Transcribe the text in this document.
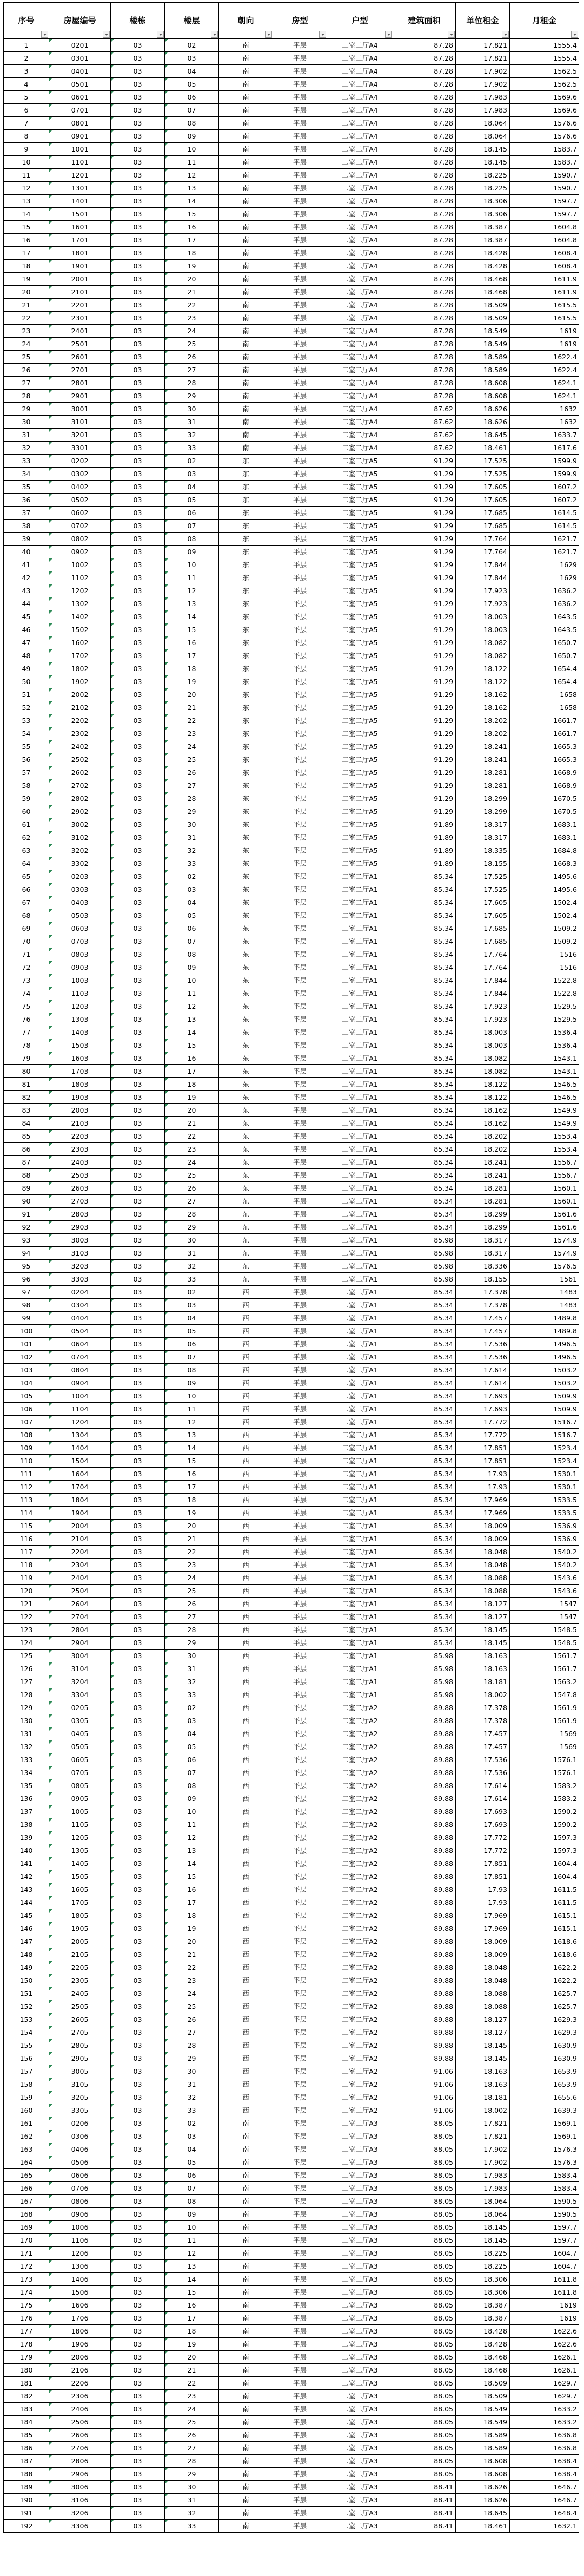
序号	房屋编号	楼栋	楼层	朝向	房型	户型	建筑面积	单位租金	月租金

1	0201	03	02	南	平层	二室二厅A4	87.28	17.821	1555.4
2	0301	03	03	南	平层	二室二厅A4	87.28	17.821	1555.4
3	0401	03	04	南	平层	二室二厅A4	87.28	17.902	1562.5
4	0501	03	05	南	平层	二室二厅A4	87.28	17.902	1562.5
5	0601	03	06	南	平层	二室二厅A4	87.28	17.983	1569.6
6	0701	03	07	南	平层	二室二厅A4	87.28	17.983	1569.6
7	0801	03	08	南	平层	二室二厅A4	87.28	18.064	1576.6
8	0901	03	09	南	平层	二室二厅A4	87.28	18.064	1576.6
9	1001	03	10	南	平层	二室二厅A4	87.28	18.145	1583.7
10	1101	03	11	南	平层	二室二厅A4	87.28	18.145	1583.7
11	1201	03	12	南	平层	二室二厅A4	87.28	18.225	1590.7
12	1301	03	13	南	平层	二室二厅A4	87.28	18.225	1590.7
13	1401	03	14	南	平层	二室二厅A4	87.28	18.306	1597.7
14	1501	03	15	南	平层	二室二厅A4	87.28	18.306	1597.7
15	1601	03	16	南	平层	二室二厅A4	87.28	18.387	1604.8
16	1701	03	17	南	平层	二室二厅A4	87.28	18.387	1604.8
17	1801	03	18	南	平层	二室二厅A4	87.28	18.428	1608.4
18	1901	03	19	南	平层	二室二厅A4	87.28	18.428	1608.4
19	2001	03	20	南	平层	二室二厅A4	87.28	18.468	1611.9
20	2101	03	21	南	平层	二室二厅A4	87.28	18.468	1611.9
21	2201	03	22	南	平层	二室二厅A4	87.28	18.509	1615.5
22	2301	03	23	南	平层	二室二厅A4	87.28	18.509	1615.5
23	2401	03	24	南	平层	二室二厅A4	87.28	18.549	1619
24	2501	03	25	南	平层	二室二厅A4	87.28	18.549	1619
25	2601	03	26	南	平层	二室二厅A4	87.28	18.589	1622.4
26	2701	03	27	南	平层	二室二厅A4	87.28	18.589	1622.4
27	2801	03	28	南	平层	二室二厅A4	87.28	18.608	1624.1
28	2901	03	29	南	平层	二室二厅A4	87.28	18.608	1624.1
29	3001	03	30	南	平层	二室二厅A4	87.62	18.626	1632
30	3101	03	31	南	平层	二室二厅A4	87.62	18.626	1632
31	3201	03	32	南	平层	二室二厅A4	87.62	18.645	1633.7
32	3301	03	33	南	平层	二室二厅A4	87.62	18.461	1617.6
33	0202	03	02	东	平层	二室二厅A5	91.29	17.525	1599.9
34	0302	03	03	东	平层	二室二厅A5	91.29	17.525	1599.9
35	0402	03	04	东	平层	二室二厅A5	91.29	17.605	1607.2
36	0502	03	05	东	平层	二室二厅A5	91.29	17.605	1607.2
37	0602	03	06	东	平层	二室二厅A5	91.29	17.685	1614.5
38	0702	03	07	东	平层	二室二厅A5	91.29	17.685	1614.5
39	0802	03	08	东	平层	二室二厅A5	91.29	17.764	1621.7
40	0902	03	09	东	平层	二室二厅A5	91.29	17.764	1621.7
41	1002	03	10	东	平层	二室二厅A5	91.29	17.844	1629
42	1102	03	11	东	平层	二室二厅A5	91.29	17.844	1629
43	1202	03	12	东	平层	二室二厅A5	91.29	17.923	1636.2
44	1302	03	13	东	平层	二室二厅A5	91.29	17.923	1636.2
45	1402	03	14	东	平层	二室二厅A5	91.29	18.003	1643.5
46	1502	03	15	东	平层	二室二厅A5	91.29	18.003	1643.5
47	1602	03	16	东	平层	二室二厅A5	91.29	18.082	1650.7
48	1702	03	17	东	平层	二室二厅A5	91.29	18.082	1650.7
49	1802	03	18	东	平层	二室二厅A5	91.29	18.122	1654.4
50	1902	03	19	东	平层	二室二厅A5	91.29	18.122	1654.4
51	2002	03	20	东	平层	二室二厅A5	91.29	18.162	1658
52	2102	03	21	东	平层	二室二厅A5	91.29	18.162	1658
53	2202	03	22	东	平层	二室二厅A5	91.29	18.202	1661.7
54	2302	03	23	东	平层	二室二厅A5	91.29	18.202	1661.7
55	2402	03	24	东	平层	二室二厅A5	91.29	18.241	1665.3
56	2502	03	25	东	平层	二室二厅A5	91.29	18.241	1665.3
57	2602	03	26	东	平层	二室二厅A5	91.29	18.281	1668.9
58	2702	03	27	东	平层	二室二厅A5	91.29	18.281	1668.9
59	2802	03	28	东	平层	二室二厅A5	91.29	18.299	1670.5
60	2902	03	29	东	平层	二室二厅A5	91.29	18.299	1670.5
61	3002	03	30	东	平层	二室二厅A5	91.89	18.317	1683.1
62	3102	03	31	东	平层	二室二厅A5	91.89	18.317	1683.1
63	3202	03	32	东	平层	二室二厅A5	91.89	18.335	1684.8
64	3302	03	33	东	平层	二室二厅A5	91.89	18.155	1668.3
65	0203	03	02	东	平层	二室二厅A1	85.34	17.525	1495.6
66	0303	03	03	东	平层	二室二厅A1	85.34	17.525	1495.6
67	0403	03	04	东	平层	二室二厅A1	85.34	17.605	1502.4
68	0503	03	05	东	平层	二室二厅A1	85.34	17.605	1502.4
69	0603	03	06	东	平层	二室二厅A1	85.34	17.685	1509.2
70	0703	03	07	东	平层	二室二厅A1	85.34	17.685	1509.2
71	0803	03	08	东	平层	二室二厅A1	85.34	17.764	1516
72	0903	03	09	东	平层	二室二厅A1	85.34	17.764	1516
73	1003	03	10	东	平层	二室二厅A1	85.34	17.844	1522.8
74	1103	03	11	东	平层	二室二厅A1	85.34	17.844	1522.8
75	1203	03	12	东	平层	二室二厅A1	85.34	17.923	1529.5
76	1303	03	13	东	平层	二室二厅A1	85.34	17.923	1529.5
77	1403	03	14	东	平层	二室二厅A1	85.34	18.003	1536.4
78	1503	03	15	东	平层	二室二厅A1	85.34	18.003	1536.4
79	1603	03	16	东	平层	二室二厅A1	85.34	18.082	1543.1
80	1703	03	17	东	平层	二室二厅A1	85.34	18.082	1543.1
81	1803	03	18	东	平层	二室二厅A1	85.34	18.122	1546.5
82	1903	03	19	东	平层	二室二厅A1	85.34	18.122	1546.5
83	2003	03	20	东	平层	二室二厅A1	85.34	18.162	1549.9
84	2103	03	21	东	平层	二室二厅A1	85.34	18.162	1549.9
85	2203	03	22	东	平层	二室二厅A1	85.34	18.202	1553.4
86	2303	03	23	东	平层	二室二厅A1	85.34	18.202	1553.4
87	2403	03	24	东	平层	二室二厅A1	85.34	18.241	1556.7
88	2503	03	25	东	平层	二室二厅A1	85.34	18.241	1556.7
89	2603	03	26	东	平层	二室二厅A1	85.34	18.281	1560.1
90	2703	03	27	东	平层	二室二厅A1	85.34	18.281	1560.1
91	2803	03	28	东	平层	二室二厅A1	85.34	18.299	1561.6
92	2903	03	29	东	平层	二室二厅A1	85.34	18.299	1561.6
93	3003	03	30	东	平层	二室二厅A1	85.98	18.317	1574.9
94	3103	03	31	东	平层	二室二厅A1	85.98	18.317	1574.9
95	3203	03	32	东	平层	二室二厅A1	85.98	18.336	1576.5
96	3303	03	33	东	平层	二室二厅A1	85.98	18.155	1561
97	0204	03	02	西	平层	二室二厅A1	85.34	17.378	1483
98	0304	03	03	西	平层	二室二厅A1	85.34	17.378	1483
99	0404	03	04	西	平层	二室二厅A1	85.34	17.457	1489.8
100	0504	03	05	西	平层	二室二厅A1	85.34	17.457	1489.8
101	0604	03	06	西	平层	二室二厅A1	85.34	17.536	1496.5
102	0704	03	07	西	平层	二室二厅A1	85.34	17.536	1496.5
103	0804	03	08	西	平层	二室二厅A1	85.34	17.614	1503.2
104	0904	03	09	西	平层	二室二厅A1	85.34	17.614	1503.2
105	1004	03	10	西	平层	二室二厅A1	85.34	17.693	1509.9
106	1104	03	11	西	平层	二室二厅A1	85.34	17.693	1509.9
107	1204	03	12	西	平层	二室二厅A1	85.34	17.772	1516.7
108	1304	03	13	西	平层	二室二厅A1	85.34	17.772	1516.7
109	1404	03	14	西	平层	二室二厅A1	85.34	17.851	1523.4
110	1504	03	15	西	平层	二室二厅A1	85.34	17.851	1523.4
111	1604	03	16	西	平层	二室二厅A1	85.34	17.93	1530.1
112	1704	03	17	西	平层	二室二厅A1	85.34	17.93	1530.1
113	1804	03	18	西	平层	二室二厅A1	85.34	17.969	1533.5
114	1904	03	19	西	平层	二室二厅A1	85.34	17.969	1533.5
115	2004	03	20	西	平层	二室二厅A1	85.34	18.009	1536.9
116	2104	03	21	西	平层	二室二厅A1	85.34	18.009	1536.9
117	2204	03	22	西	平层	二室二厅A1	85.34	18.048	1540.2
118	2304	03	23	西	平层	二室二厅A1	85.34	18.048	1540.2
119	2404	03	24	西	平层	二室二厅A1	85.34	18.088	1543.6
120	2504	03	25	西	平层	二室二厅A1	85.34	18.088	1543.6
121	2604	03	26	西	平层	二室二厅A1	85.34	18.127	1547
122	2704	03	27	西	平层	二室二厅A1	85.34	18.127	1547
123	2804	03	28	西	平层	二室二厅A1	85.34	18.145	1548.5
124	2904	03	29	西	平层	二室二厅A1	85.34	18.145	1548.5
125	3004	03	30	西	平层	二室二厅A1	85.98	18.163	1561.7
126	3104	03	31	西	平层	二室二厅A1	85.98	18.163	1561.7
127	3204	03	32	西	平层	二室二厅A1	85.98	18.181	1563.2
128	3304	03	33	西	平层	二室二厅A1	85.98	18.002	1547.8
129	0205	03	02	西	平层	二室二厅A2	89.88	17.378	1561.9
130	0305	03	03	西	平层	二室二厅A2	89.88	17.378	1561.9
131	0405	03	04	西	平层	二室二厅A2	89.88	17.457	1569
132	0505	03	05	西	平层	二室二厅A2	89.88	17.457	1569
133	0605	03	06	西	平层	二室二厅A2	89.88	17.536	1576.1
134	0705	03	07	西	平层	二室二厅A2	89.88	17.536	1576.1
135	0805	03	08	西	平层	二室二厅A2	89.88	17.614	1583.2
136	0905	03	09	西	平层	二室二厅A2	89.88	17.614	1583.2
137	1005	03	10	西	平层	二室二厅A2	89.88	17.693	1590.2
138	1105	03	11	西	平层	二室二厅A2	89.88	17.693	1590.2
139	1205	03	12	西	平层	二室二厅A2	89.88	17.772	1597.3
140	1305	03	13	西	平层	二室二厅A2	89.88	17.772	1597.3
141	1405	03	14	西	平层	二室二厅A2	89.88	17.851	1604.4
142	1505	03	15	西	平层	二室二厅A2	89.88	17.851	1604.4
143	1605	03	16	西	平层	二室二厅A2	89.88	17.93	1611.5
144	1705	03	17	西	平层	二室二厅A2	89.88	17.93	1611.5
145	1805	03	18	西	平层	二室二厅A2	89.88	17.969	1615.1
146	1905	03	19	西	平层	二室二厅A2	89.88	17.969	1615.1
147	2005	03	20	西	平层	二室二厅A2	89.88	18.009	1618.6
148	2105	03	21	西	平层	二室二厅A2	89.88	18.009	1618.6
149	2205	03	22	西	平层	二室二厅A2	89.88	18.048	1622.2
150	2305	03	23	西	平层	二室二厅A2	89.88	18.048	1622.2
151	2405	03	24	西	平层	二室二厅A2	89.88	18.088	1625.7
152	2505	03	25	西	平层	二室二厅A2	89.88	18.088	1625.7
153	2605	03	26	西	平层	二室二厅A2	89.88	18.127	1629.3
154	2705	03	27	西	平层	二室二厅A2	89.88	18.127	1629.3
155	2805	03	28	西	平层	二室二厅A2	89.88	18.145	1630.9
156	2905	03	29	西	平层	二室二厅A2	89.88	18.145	1630.9
157	3005	03	30	西	平层	二室二厅A2	91.06	18.163	1653.9
158	3105	03	31	西	平层	二室二厅A2	91.06	18.163	1653.9
159	3205	03	32	西	平层	二室二厅A2	91.06	18.181	1655.6
160	3305	03	33	西	平层	二室二厅A2	91.06	18.002	1639.3
161	0206	03	02	南	平层	二室二厅A3	88.05	17.821	1569.1
162	0306	03	03	南	平层	二室二厅A3	88.05	17.821	1569.1
163	0406	03	04	南	平层	二室二厅A3	88.05	17.902	1576.3
164	0506	03	05	南	平层	二室二厅A3	88.05	17.902	1576.3
165	0606	03	06	南	平层	二室二厅A3	88.05	17.983	1583.4
166	0706	03	07	南	平层	二室二厅A3	88.05	17.983	1583.4
167	0806	03	08	南	平层	二室二厅A3	88.05	18.064	1590.5
168	0906	03	09	南	平层	二室二厅A3	88.05	18.064	1590.5
169	1006	03	10	南	平层	二室二厅A3	88.05	18.145	1597.7
170	1106	03	11	南	平层	二室二厅A3	88.05	18.145	1597.7
171	1206	03	12	南	平层	二室二厅A3	88.05	18.225	1604.7
172	1306	03	13	南	平层	二室二厅A3	88.05	18.225	1604.7
173	1406	03	14	南	平层	二室二厅A3	88.05	18.306	1611.8
174	1506	03	15	南	平层	二室二厅A3	88.05	18.306	1611.8
175	1606	03	16	南	平层	二室二厅A3	88.05	18.387	1619
176	1706	03	17	南	平层	二室二厅A3	88.05	18.387	1619
177	1806	03	18	南	平层	二室二厅A3	88.05	18.428	1622.6
178	1906	03	19	南	平层	二室二厅A3	88.05	18.428	1622.6
179	2006	03	20	南	平层	二室二厅A3	88.05	18.468	1626.1
180	2106	03	21	南	平层	二室二厅A3	88.05	18.468	1626.1
181	2206	03	22	南	平层	二室二厅A3	88.05	18.509	1629.7
182	2306	03	23	南	平层	二室二厅A3	88.05	18.509	1629.7
183	2406	03	24	南	平层	二室二厅A3	88.05	18.549	1633.2
184	2506	03	25	南	平层	二室二厅A3	88.05	18.549	1633.2
185	2606	03	26	南	平层	二室二厅A3	88.05	18.589	1636.8
186	2706	03	27	南	平层	二室二厅A3	88.05	18.589	1636.8
187	2806	03	28	南	平层	二室二厅A3	88.05	18.608	1638.4
188	2906	03	29	南	平层	二室二厅A3	88.05	18.608	1638.4
189	3006	03	30	南	平层	二室二厅A3	88.41	18.626	1646.7
190	3106	03	31	南	平层	二室二厅A3	88.41	18.626	1646.7
191	3206	03	32	南	平层	二室二厅A3	88.41	18.645	1648.4
192	3306	03	33	南	平层	二室二厅A3	88.41	18.461	1632.1
